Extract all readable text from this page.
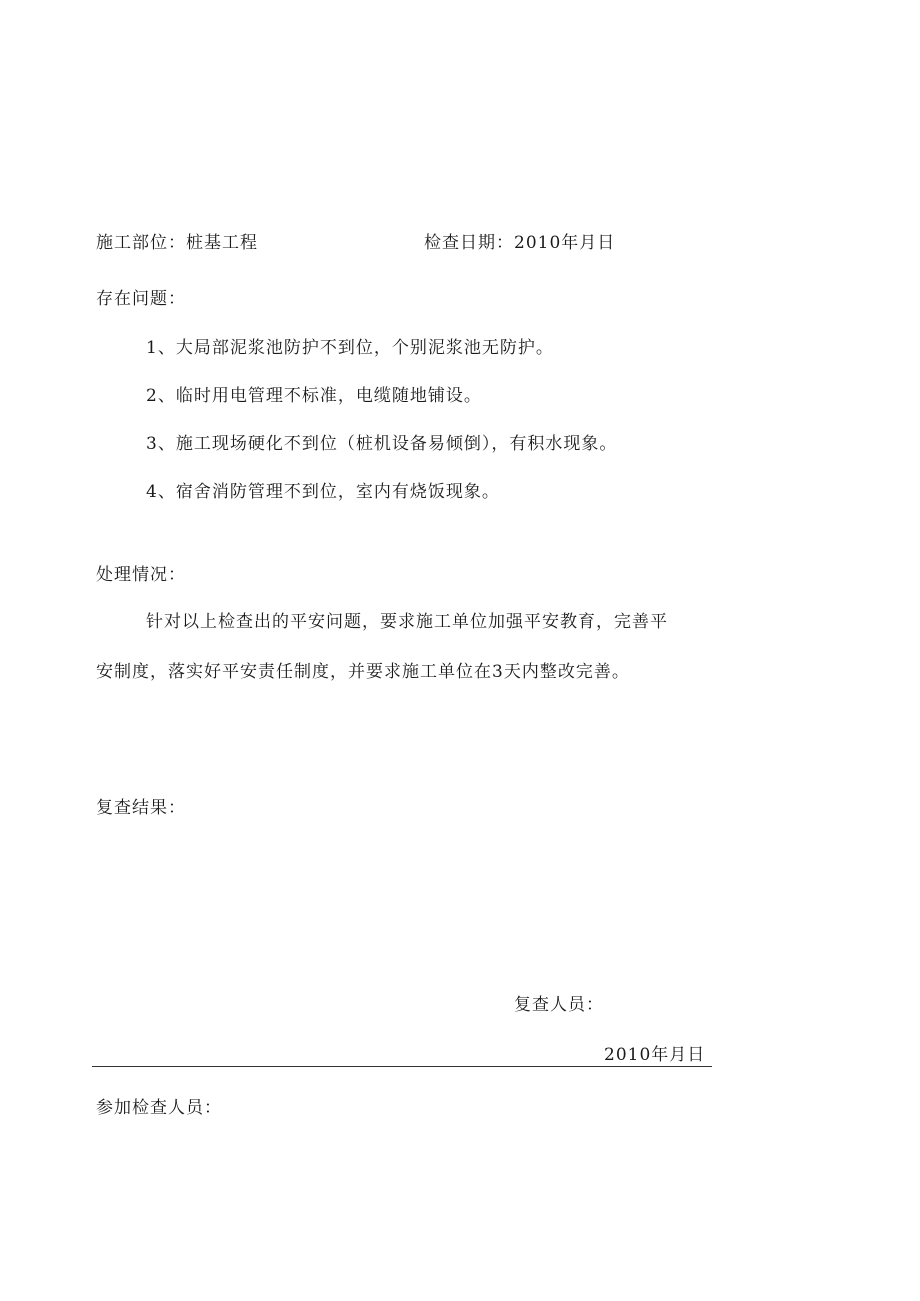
施工部位：桩基工程	检查日期：2010年月日
存在问题：
1、大局部泥浆池防护不到位，个别泥浆池无防护。
2、临时用电管理不标准，电缆随地铺设。
3、施工现场硬化不到位（桩机设备易倾倒），有积水现象。
4、宿舍消防管理不到位，室内有烧饭现象。
处理情况：
针对以上检查出的平安问题，要求施工单位加强平安教育，完善平
安制度，落实好平安责任制度，并要求施工单位在3天内整改完善。
复查结果：
复查人员：
2010年月日
参加检查人员：
